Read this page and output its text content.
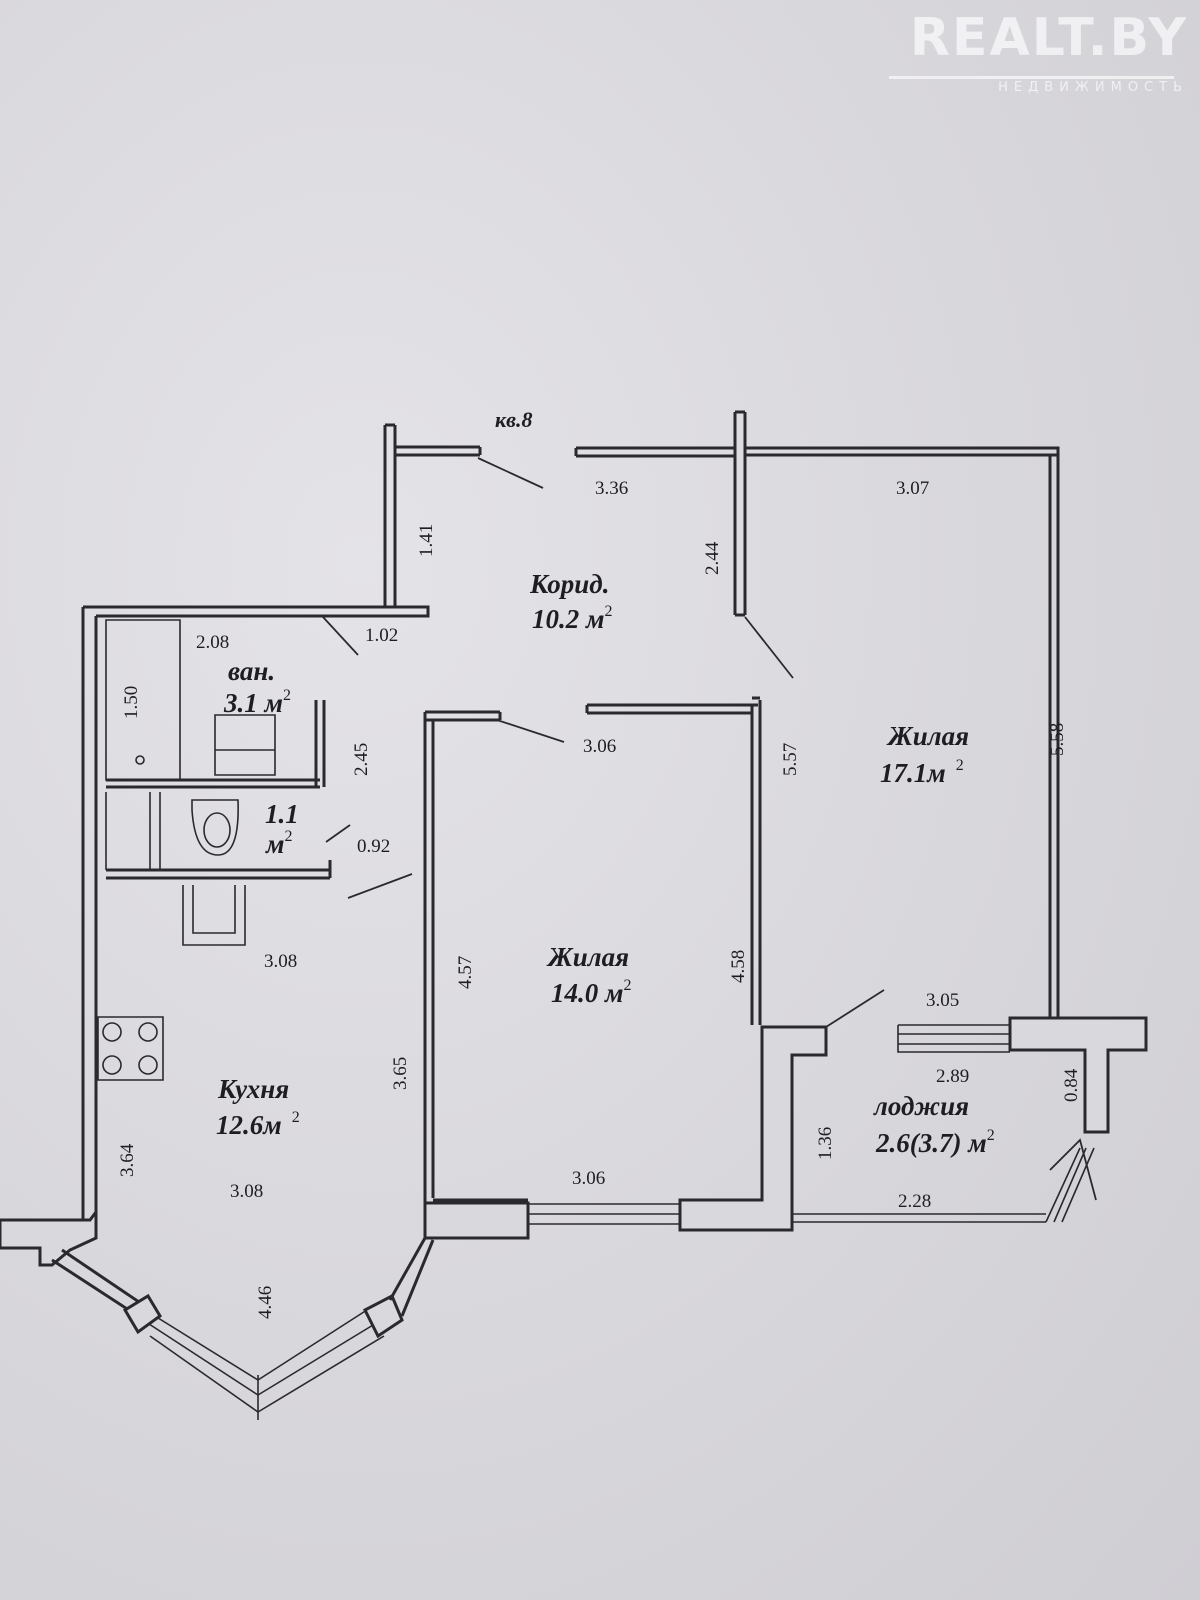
кв.8
Корид.
10.2 $м^2$
ван.
3.1 $м^2$
1.1
$м^2$
Жилая
14.0 $м^2$
Жилая
17.1м $^2$
Кухня
12.6м $^2$	лоджия
2.6(3.7) $м^2$
3.36	3.07
1.02
2.08
3.06
0.92
3.08
3.05
2.89
3.06
3.08	2.28
1.41
2.44
5.58
5.57
1.50
2.45
4.57	4.58
3.65
3.64
1.36
0.84
4.46
REALT.BY
НЕДВИЖИМОСТЬ
